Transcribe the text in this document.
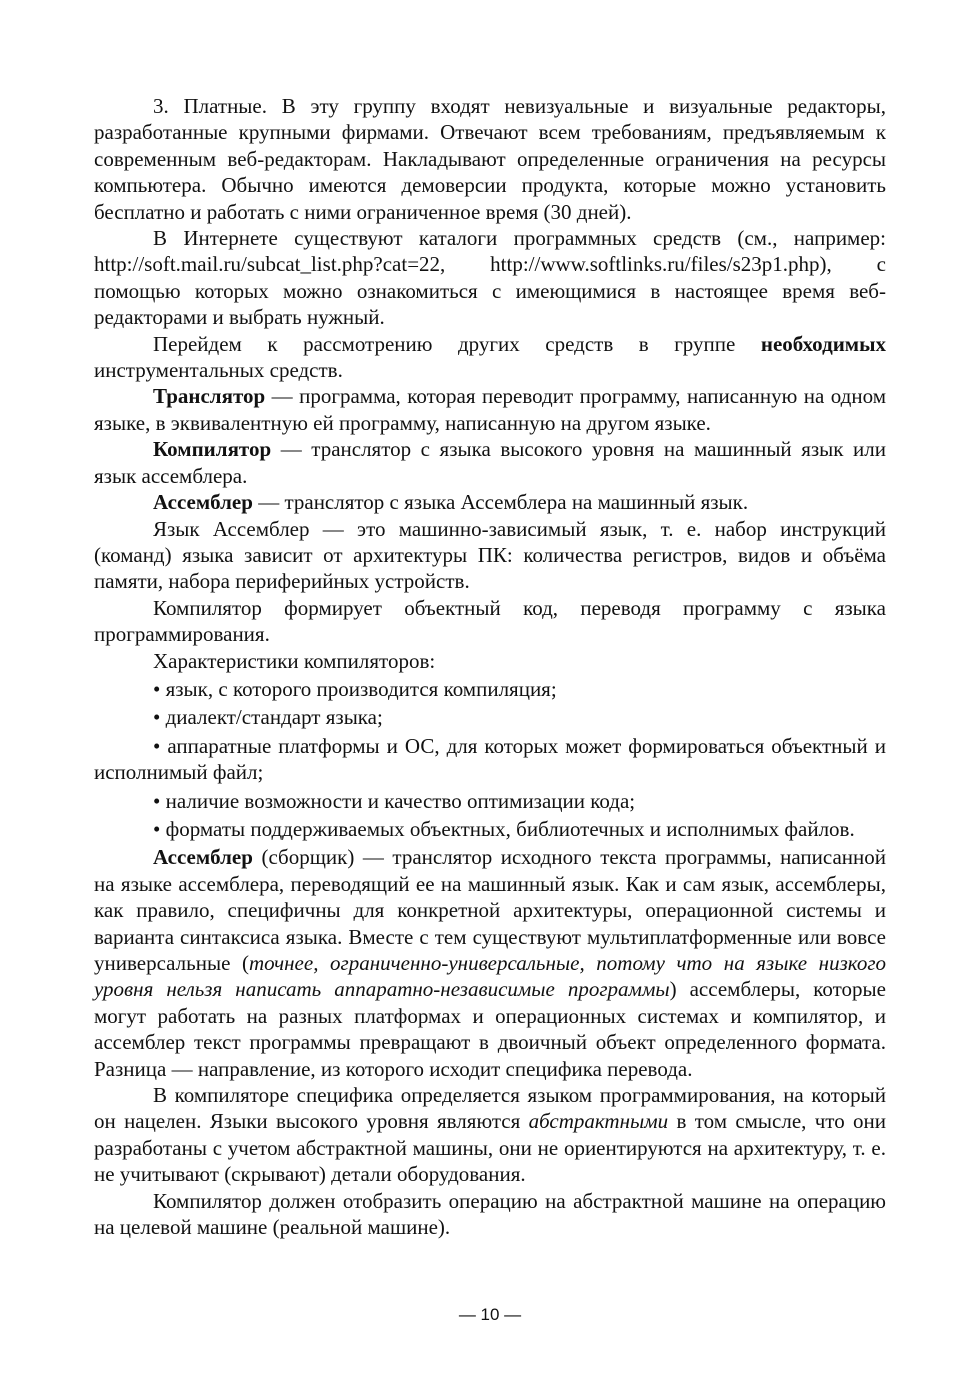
3. Платные. В эту группу входят невизуальные и визуальные редакторы, разработанные крупными фирмами. Отвечают всем требованиям, предъявляемым к современным веб-редакторам. Накладывают определенные ограничения на ресурсы компьютера. Обычно имеются демоверсии продукта, которые можно установить бесплатно и работать с ними ограниченное время (30 дней).

В Интернете существуют каталоги программных средств (см., например: http://soft.mail.ru/subcat_list.php?cat=22, http://www.softlinks.ru/files/s23p1.php), с помощью которых можно ознакомиться с имеющимися в настоящее время веб-редакторами и выбрать нужный.

Перейдем к рассмотрению других средств в группе необходимых инструментальных средств.

Транслятор — программа, которая переводит программу, написанную на одном языке, в эквивалентную ей программу, написанную на другом языке.

Компилятор — транслятор с языка высокого уровня на машинный язык или язык ассемблера.

Ассемблер — транслятор с языка Ассемблера на машинный язык.

Язык Ассемблер — это машинно-зависимый язык, т. е. набор инструкций (команд) языка зависит от архитектуры ПК: количества регистров, видов и объёма памяти, набора периферийных устройств.

Компилятор формирует объектный код, переводя программу с языка программирования.

Характеристики компиляторов:

• язык, с которого производится компиляция;

• диалект/стандарт языка;

• аппаратные платформы и ОС, для которых может формироваться объектный и исполнимый файл;

• наличие возможности и качество оптимизации кода;

• форматы поддерживаемых объектных, библиотечных и исполнимых файлов.

Ассемблер (сборщик) — транслятор исходного текста программы, написанной на языке ассемблера, переводящий ее на машинный язык. Как и сам язык, ассемблеры, как правило, специфичны для конкретной архитектуры, операционной системы и варианта синтаксиса языка. Вместе с тем существуют мультиплатформенные или вовсе универсальные (точнее, ограниченно-универсальные, потому что на языке низкого уровня нельзя написать аппаратно-независимые программы) ассемблеры, которые могут работать на разных платформах и операционных системах и компилятор, и ассемблер текст программы превращают в двоичный объект определенного формата. Разница — направление, из которого исходит специфика перевода.

В компиляторе специфика определяется языком программирования, на который он нацелен. Языки высокого уровня являются абстрактными в том смысле, что они разработаны с учетом абстрактной машины, они не ориентируются на архитектуру, т. е. не учитывают (скрывают) детали оборудования.

Компилятор должен отобразить операцию на абстрактной машине на операцию на целевой машине (реальной машине).

— 10 —
